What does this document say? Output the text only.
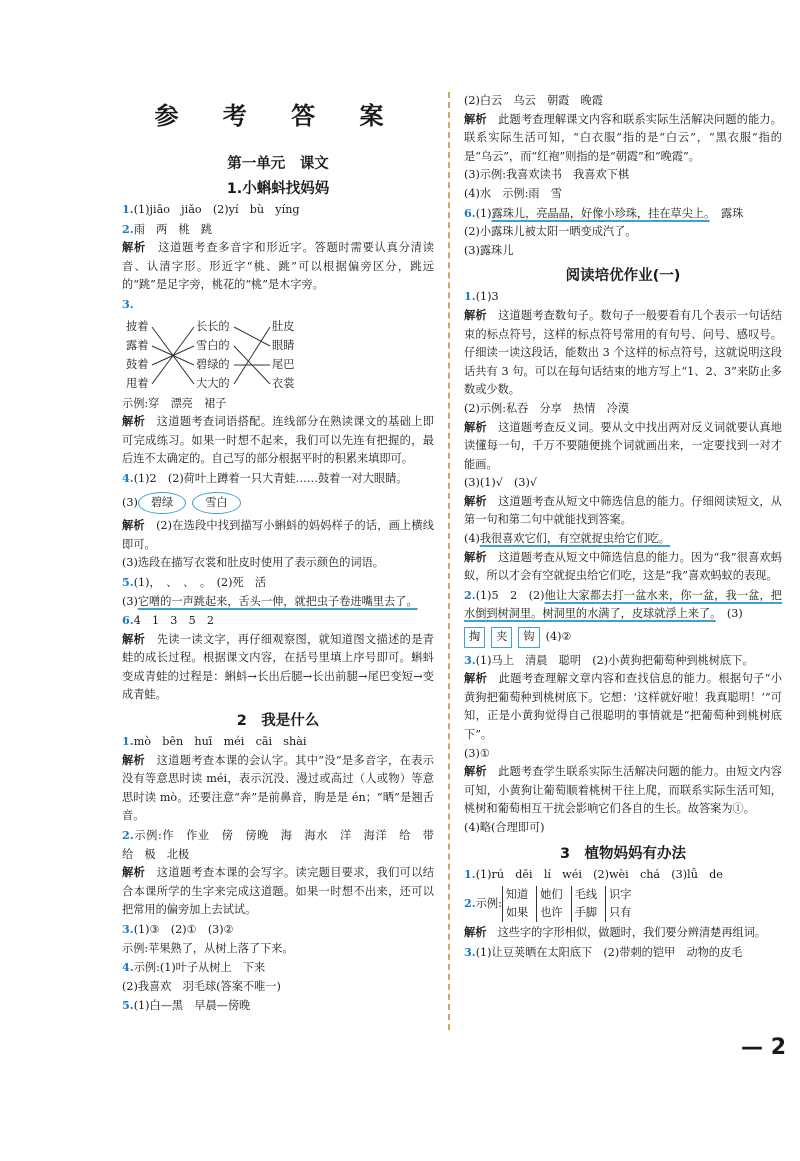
参 考 答 案
第一单元　课文
1.小蝌蚪找妈妈
1.(1)jiāo　jiǎo　(2)yí　bù　yíng
2.雨　两　桃　跳
解析　 这道题考查多音字和形近字。答题时需要认真分清读音、认清字形。形近字“桃、跳”可以根据偏旁区分，跳远的“跳”是足字旁，桃花的“桃”是木字旁。
3.
披着
露着
鼓着
甩着
长长的
雪白的
碧绿的
大大的
肚皮
眼睛
尾巴
衣裳
示例:穿　漂亮　裙子
解析　 这道题考查词语搭配。连线部分在熟读课文的基础上即可完成练习。如果一时想不起来，我们可以先连有把握的，最后连不太确定的。自己写的部分根据平时的积累来填即可。
4.(1)2　(2)荷叶上蹲着一只大青蛙……鼓着一对大眼睛。
(3) 碧绿	雪白
解析　 (2)在选段中找到描写小蝌蚪的妈妈样子的话，画上横线即可。
(3)选段在描写衣裳和肚皮时使用了表示颜色的词语。
5.(1)，　、　、　。　(2)死　活
(3)它噌的一声跳起来，舌头一伸，就把虫子卷进嘴里去了。
6.4　1　3　5　2
解析　 先读一读文字，再仔细观察图，就知道图文描述的是青蛙的成长过程。根据课文内容，在括号里填上序号即可。蝌蚪变成青蛙的过程是：蝌蚪→长出后腿→长出前腿→尾巴变短→变成青蛙。
2　我是什么
1.mò　bēn　huī　méi　cāi　shài
解析　 这道题考查本课的会认字。其中“没”是多音字，在表示没有等意思时读 méi，表示沉没、漫过或高过（人或物）等意思时读 mò。还要注意“奔”是前鼻音，朐是是 én；“晒”是翘舌音。
2.示例:作　作业　傍　傍晚　海　海水　洋　海洋　给　带　给　极　北极
解析　 这道题考查本课的会写字。读完题目要求，我们可以结合本课所学的生字来完成这道题。如果一时想不出来，还可以把常用的偏旁加上去试试。
3.(1)③　(2)①　(3)②
示例:苹果熟了，从树上落了下来。
4.示例:(1)叶子从树上　下来
(2)我喜欢　羽毛球(答案不唯一)
5.(1)白—黑　早晨—傍晚
(2)白云　乌云　朝霞　晚霞
解析　 此题考查理解课文内容和联系实际生活解决问题的能力。联系实际生活可知，“白衣服”指的是“白云”，“黑衣服”指的是“乌云”，而“红袍”则指的是“朝霞”和“晚霞”。
(3)示例:我喜欢读书　我喜欢下棋
(4)水　示例:雨　雪
6.(1)露珠儿，亮晶晶，好像小珍珠，挂在草尖上。　露珠
(2)小露珠儿被太阳一晒变成汽了。
(3)露珠儿
阅读培优作业(一)
1.(1)3
解析　 这道题考查数句子。数句子一般要看有几个表示一句话结束的标点符号，这样的标点符号常用的有句号、问号、感叹号。仔细读一读这段话，能数出 3 个这样的标点符号，这就说明这段话共有 3 句。可以在每句话结束的地方写上“1、2、3”来防止多数或少数。
(2)示例:私吞　分享　热情　冷漠
解析　 这道题考查反义词。要从文中找出两对反义词就要认真地读懂每一句，千万不要随便挑个词就画出来，一定要找到一对才能画。
(3)(1)√　(3)√
解析　 这道题考查从短文中筛选信息的能力。仔细阅读短文，从第一句和第二句中就能找到答案。
(4)我很喜欢它们，有空就捉虫给它们吃。
解析　 这道题考查从短文中筛选信息的能力。因为“我”很喜欢蚂蚁，所以才会有空就捉虫给它们吃，这是“我”喜欢蚂蚁的表现。
2.(1)5　2　(2)他让大家都去打一盆水来，你一盆，我一盆，把水倒到树洞里。树洞里的水满了，皮球就浮上来了。　(3)
掏 夹 钩 (4)②
3.(1)马上　清晨　聪明　(2)小黄狗把葡萄种到桃树底下。
解析　 此题考查理解文章内容和查找信息的能力。根据句子“小黄狗把葡萄种到桃树底下。它想：‘这样就好啦！我真聪明！’”可知，正是小黄狗觉得自己很聪明的事情就是“把葡萄种到桃树底下”。
(3)①
解析　 此题考查学生联系实际生活解决问题的能力。由短文内容可知，小黄狗让葡萄顺着桃树干往上爬，而联系实际生活可知，桃树和葡萄相互干扰会影响它们各自的生长。故答案为①。
(4)略(合理即可)
3　植物妈妈有办法
1.(1)rú　dēi　lí　wéi　(2)wèi　chá　(3)lǚ　de
2.示例:
知道
如果
她们
也许
毛线
手脚
识字
只有
解析　 这些字的字形相似，做题时，我们要分辨清楚再组词。
3.(1)让豆荚晒在太阳底下　(2)带刺的铠甲　动物的皮毛
— 2
